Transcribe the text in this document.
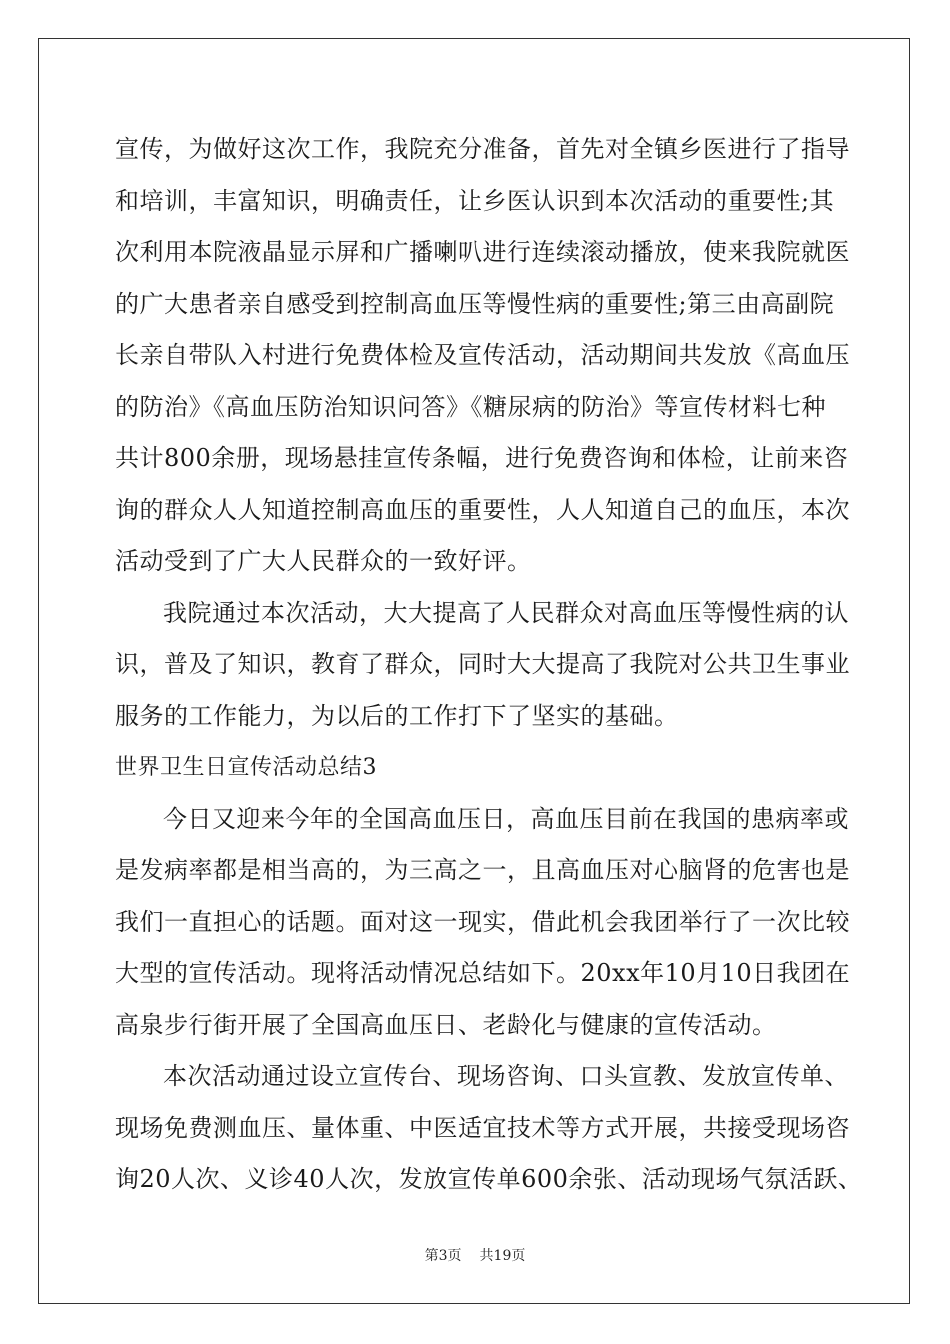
宣传，为做好这次工作，我院充分准备，首先对全镇乡医进行了指导
和培训，丰富知识，明确责任，让乡医认识到本次活动的重要性;其
次利用本院液晶显示屏和广播喇叭进行连续滚动播放，使来我院就医
的广大患者亲自感受到控制高血压等慢性病的重要性;第三由高副院
长亲自带队入村进行免费体检及宣传活动，活动期间共发放《高血压
的防治》《高血压防治知识问答》《糖尿病的防治》等宣传材料七种
共计800余册，现场悬挂宣传条幅，进行免费咨询和体检，让前来咨
询的群众人人知道控制高血压的重要性，人人知道自己的血压，本次
活动受到了广大人民群众的一致好评。
我院通过本次活动，大大提高了人民群众对高血压等慢性病的认
识，普及了知识，教育了群众，同时大大提高了我院对公共卫生事业
服务的工作能力，为以后的工作打下了坚实的基础。
世界卫生日宣传活动总结3
今日又迎来今年的全国高血压日，高血压目前在我国的患病率或
是发病率都是相当高的，为三高之一，且高血压对心脑肾的危害也是
我们一直担心的话题。面对这一现实，借此机会我团举行了一次比较
大型的宣传活动。现将活动情况总结如下。20xx年10月10日我团在
高泉步行街开展了全国高血压日、老龄化与健康的宣传活动。
本次活动通过设立宣传台、现场咨询、口头宣教、发放宣传单、
现场免费测血压、量体重、中医适宜技术等方式开展，共接受现场咨
询20人次、义诊40人次，发放宣传单600余张、活动现场气氛活跃、
第3页 共19页
